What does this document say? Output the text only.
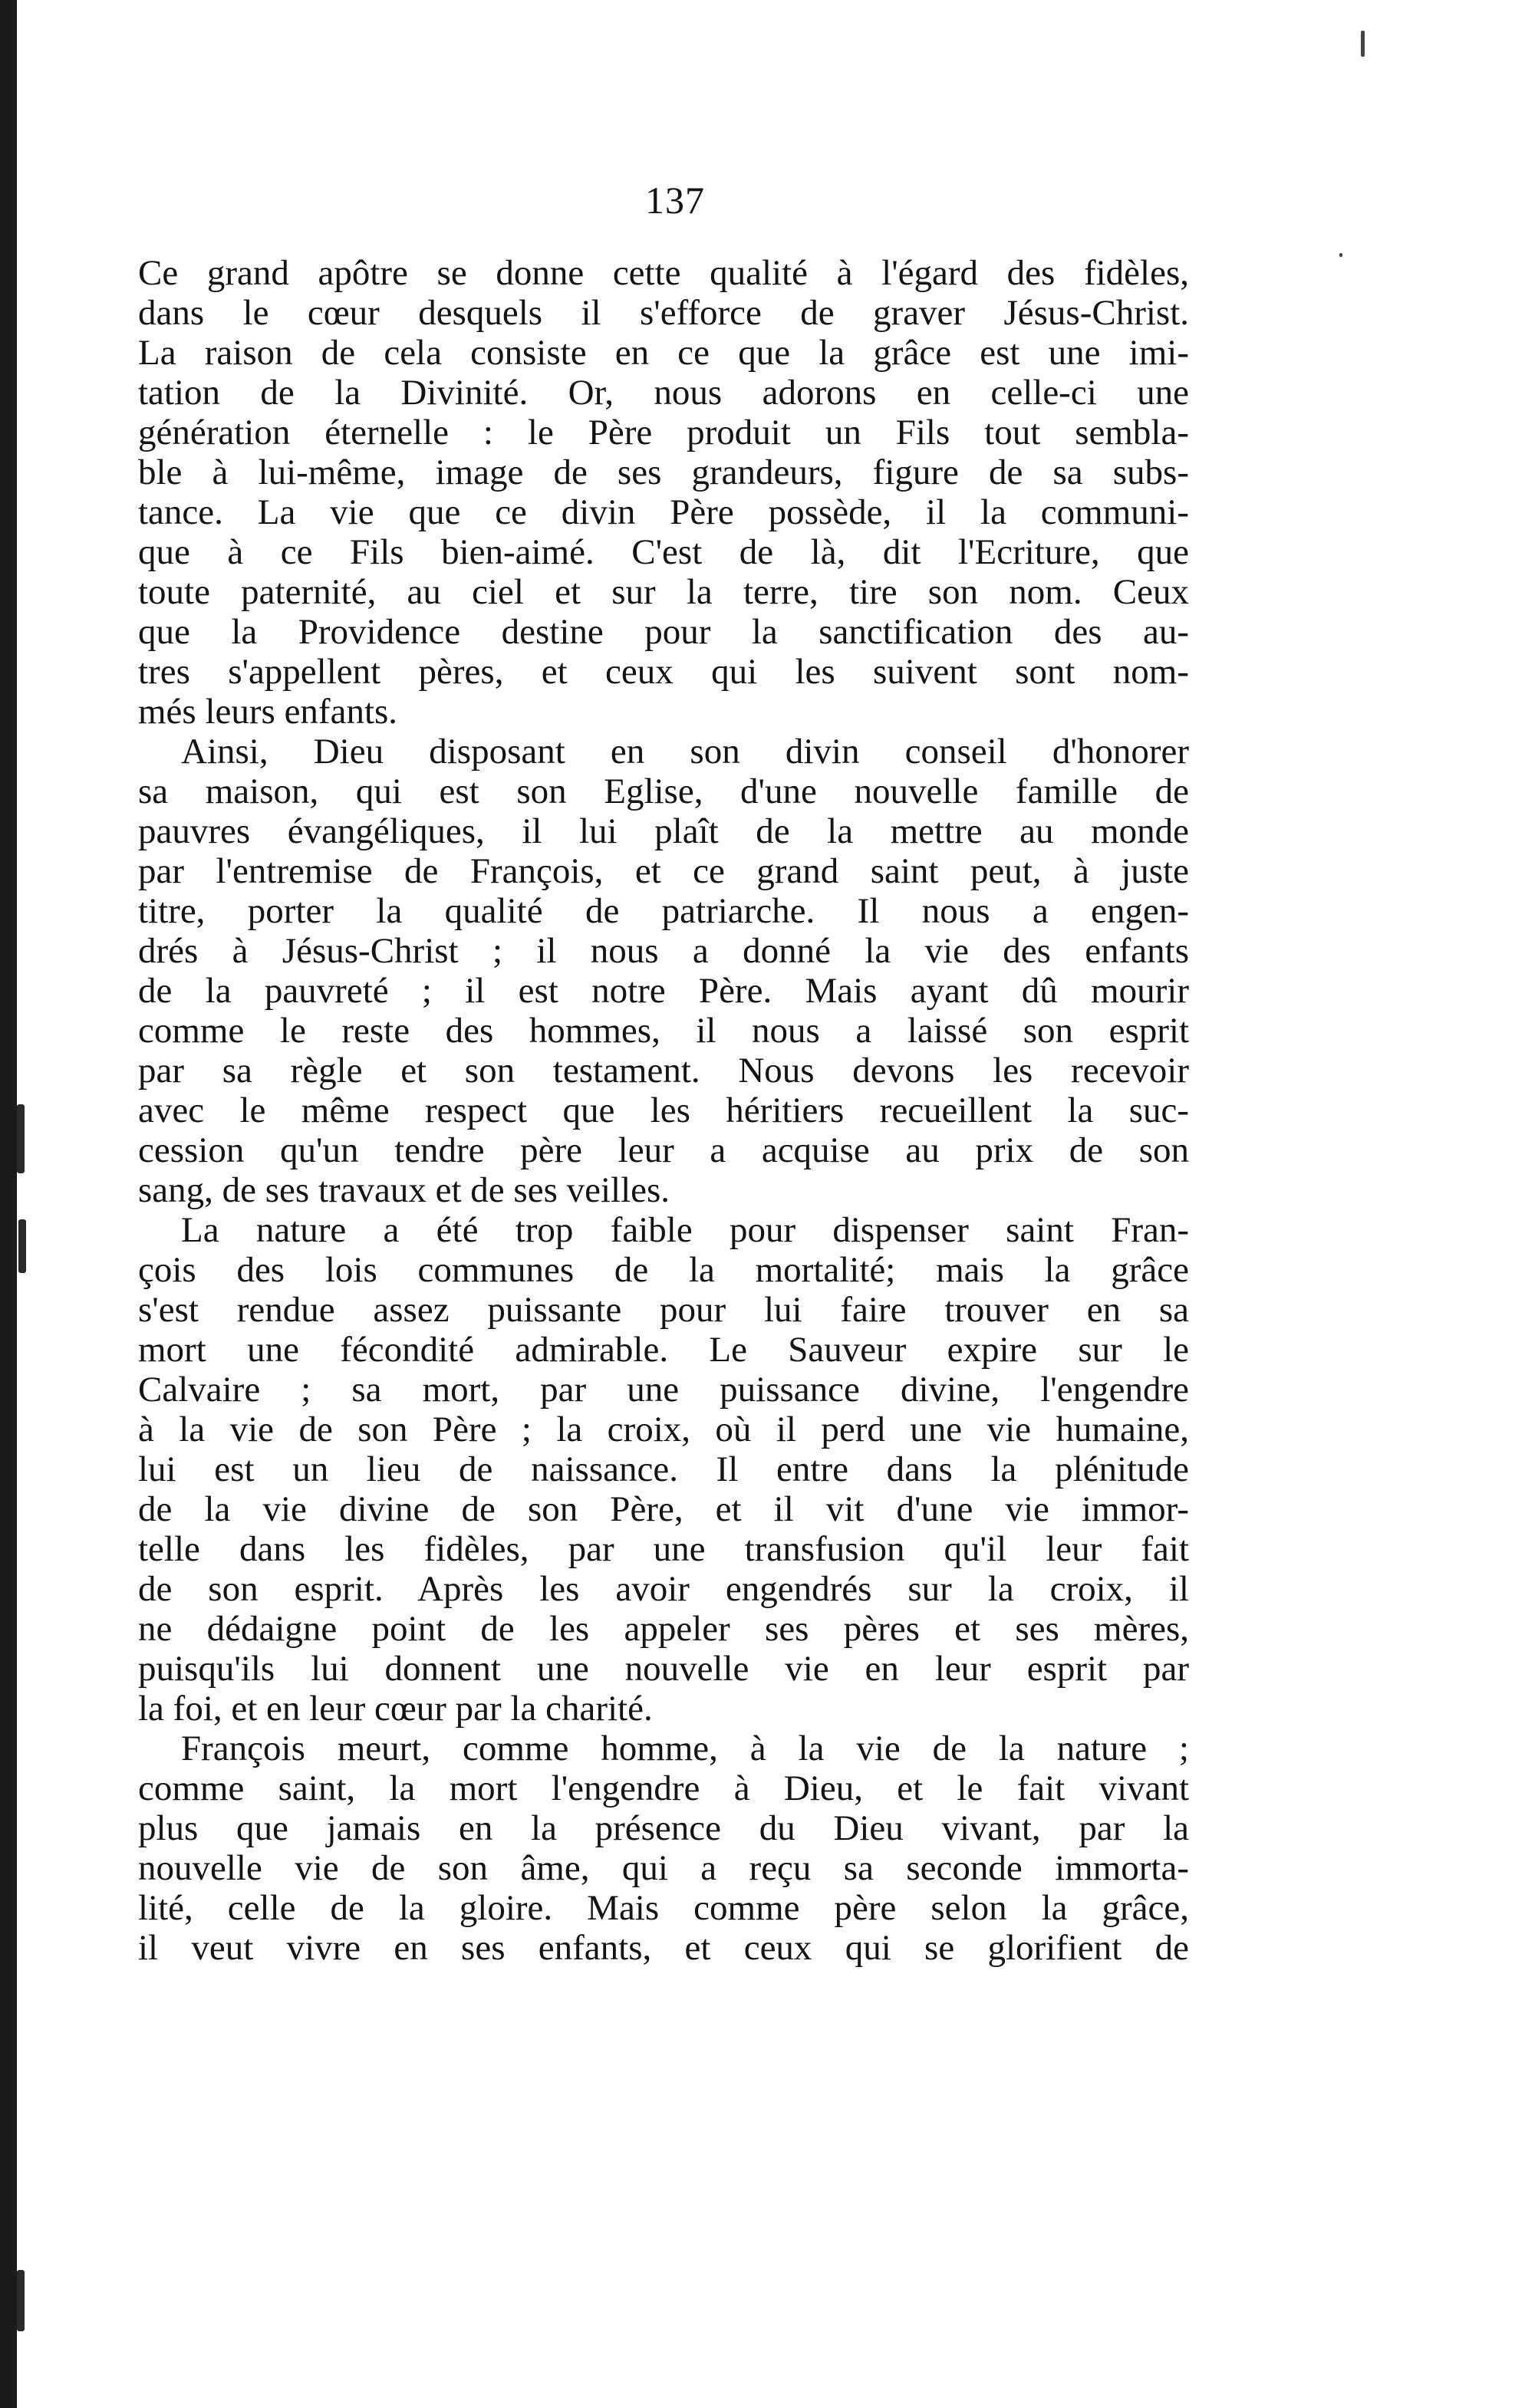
137
Ce grand apôtre se donne cette qualité à l'égard des fidèles,
dans le cœur desquels il s'efforce de graver Jésus-Christ.
La raison de cela consiste en ce que la grâce est une imi-
tation de la Divinité. Or, nous adorons en celle-ci une
génération éternelle : le Père produit un Fils tout sembla-
ble à lui-même, image de ses grandeurs, figure de sa subs-
tance. La vie que ce divin Père possède, il la communi-
que à ce Fils bien-aimé. C'est de là, dit l'Ecriture, que
toute paternité, au ciel et sur la terre, tire son nom. Ceux
que la Providence destine pour la sanctification des au-
tres s'appellent pères, et ceux qui les suivent sont nom-
més leurs enfants.
Ainsi, Dieu disposant en son divin conseil d'honorer
sa maison, qui est son Eglise, d'une nouvelle famille de
pauvres évangéliques, il lui plaît de la mettre au monde
par l'entremise de François, et ce grand saint peut, à juste
titre, porter la qualité de patriarche. Il nous a engen-
drés à Jésus-Christ ; il nous a donné la vie des enfants
de la pauvreté ; il est notre Père. Mais ayant dû mourir
comme le reste des hommes, il nous a laissé son esprit
par sa règle et son testament. Nous devons les recevoir
avec le même respect que les héritiers recueillent la suc-
cession qu'un tendre père leur a acquise au prix de son
sang, de ses travaux et de ses veilles.
La nature a été trop faible pour dispenser saint Fran-
çois des lois communes de la mortalité; mais la grâce
s'est rendue assez puissante pour lui faire trouver en sa
mort une fécondité admirable. Le Sauveur expire sur le
Calvaire ; sa mort, par une puissance divine, l'engendre
à la vie de son Père ; la croix, où il perd une vie humaine,
lui est un lieu de naissance. Il entre dans la plénitude
de la vie divine de son Père, et il vit d'une vie immor-
telle dans les fidèles, par une transfusion qu'il leur fait
de son esprit. Après les avoir engendrés sur la croix, il
ne dédaigne point de les appeler ses pères et ses mères,
puisqu'ils lui donnent une nouvelle vie en leur esprit par
la foi, et en leur cœur par la charité.
François meurt, comme homme, à la vie de la nature ;
comme saint, la mort l'engendre à Dieu, et le fait vivant
plus que jamais en la présence du Dieu vivant, par la
nouvelle vie de son âme, qui a reçu sa seconde immorta-
lité, celle de la gloire. Mais comme père selon la grâce,
il veut vivre en ses enfants, et ceux qui se glorifient de
